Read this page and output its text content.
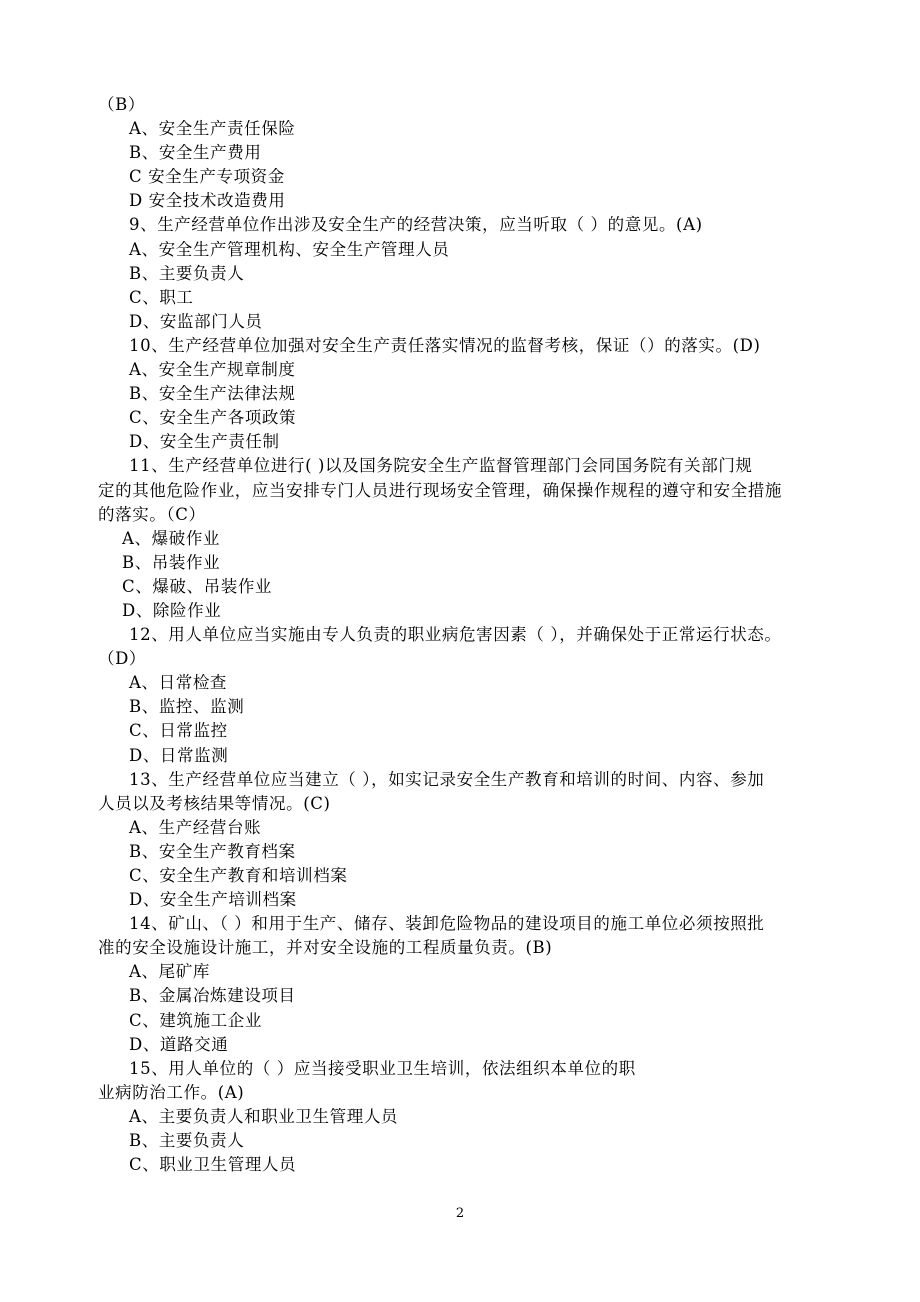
（B）
A、安全生产责任保险
B、安全生产费用
C 安全生产专项资金
D 安全技术改造费用
9、生产经营单位作出涉及安全生产的经营决策，应当听取（ ）的意见。(A)
A、安全生产管理机构、安全生产管理人员
B、主要负责人
C、职工
D、安监部门人员
10、生产经营单位加强对安全生产责任落实情况的监督考核，保证（）的落实。(D)
A、安全生产规章制度
B、安全生产法律法规
C、安全生产各项政策
D、安全生产责任制
11、生产经营单位进行( )以及国务院安全生产监督管理部门会同国务院有关部门规
定的其他危险作业，应当安排专门人员进行现场安全管理，确保操作规程的遵守和安全措施
的落实。（C）
A、爆破作业
B、吊装作业
C、爆破、吊装作业
D、除险作业
12、用人单位应当实施由专人负责的职业病危害因素（ ），并确保处于正常运行状态。
（D）
A、日常检查
B、监控、监测
C、日常监控
D、日常监测
13、生产经营单位应当建立（ ），如实记录安全生产教育和培训的时间、内容、参加
人员以及考核结果等情况。(C)
A、生产经营台账
B、安全生产教育档案
C、安全生产教育和培训档案
D、安全生产培训档案
14、矿山、（ ）和用于生产、储存、装卸危险物品的建设项目的施工单位必须按照批
准的安全设施设计施工，并对安全设施的工程质量负责。(B)
A、尾矿库
B、金属冶炼建设项目
C、建筑施工企业
D、道路交通
15、用人单位的（ ）应当接受职业卫生培训，依法组织本单位的职
业病防治工作。(A)
A、主要负责人和职业卫生管理人员
B、主要负责人
C、职业卫生管理人员
2
